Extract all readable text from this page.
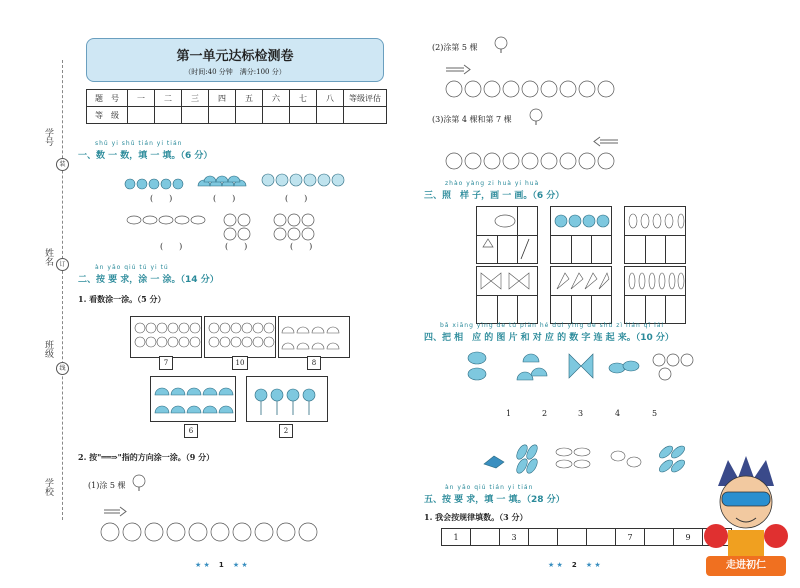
学号
姓名
班级
学校
装
订
线
第一单元达标检测卷
（时间:40 分钟　满分:100 分）
题　号	一	二	三	四	五	六	七	八	等级评估
等　级									
shǔ yi shǔ tián yi tián
一、数 一 数，填 一 填。（6 分）
(　　)	(　　)	(　　)
(　　)	(　　)	(　　)
àn yāo qiú tú yi tú
二、按 要 求，涂 一 涂。（14 分）
1. 看数涂一涂。（5 分）
7	10	8
6	2
2. 按"══⇒"指的方向涂一涂。（9 分）
(1)涂 5 棵
★ ★ 1 ★ ★
(2)涂第 5 棵
(3)涂第 4 棵和第 7 棵
zhào yàng zi huà yi huà
三、照　样 子，画 一 画。（6 分）
bǎ xiāng yìng de tú piàn hé duì yìng de shù zì lián qǐ lái
四、把 相　应 的 图 片 和 对 应 的 数 字 连 起 来。（10 分）
1	2	3	4	5
àn yāo qiú tián yi tián
五、按 要 求，填 一 填。（28 分）
1. 我会按规律填数。（3 分）
1		3				7		9	
★ ★ 2 ★ ★	走进初仁
